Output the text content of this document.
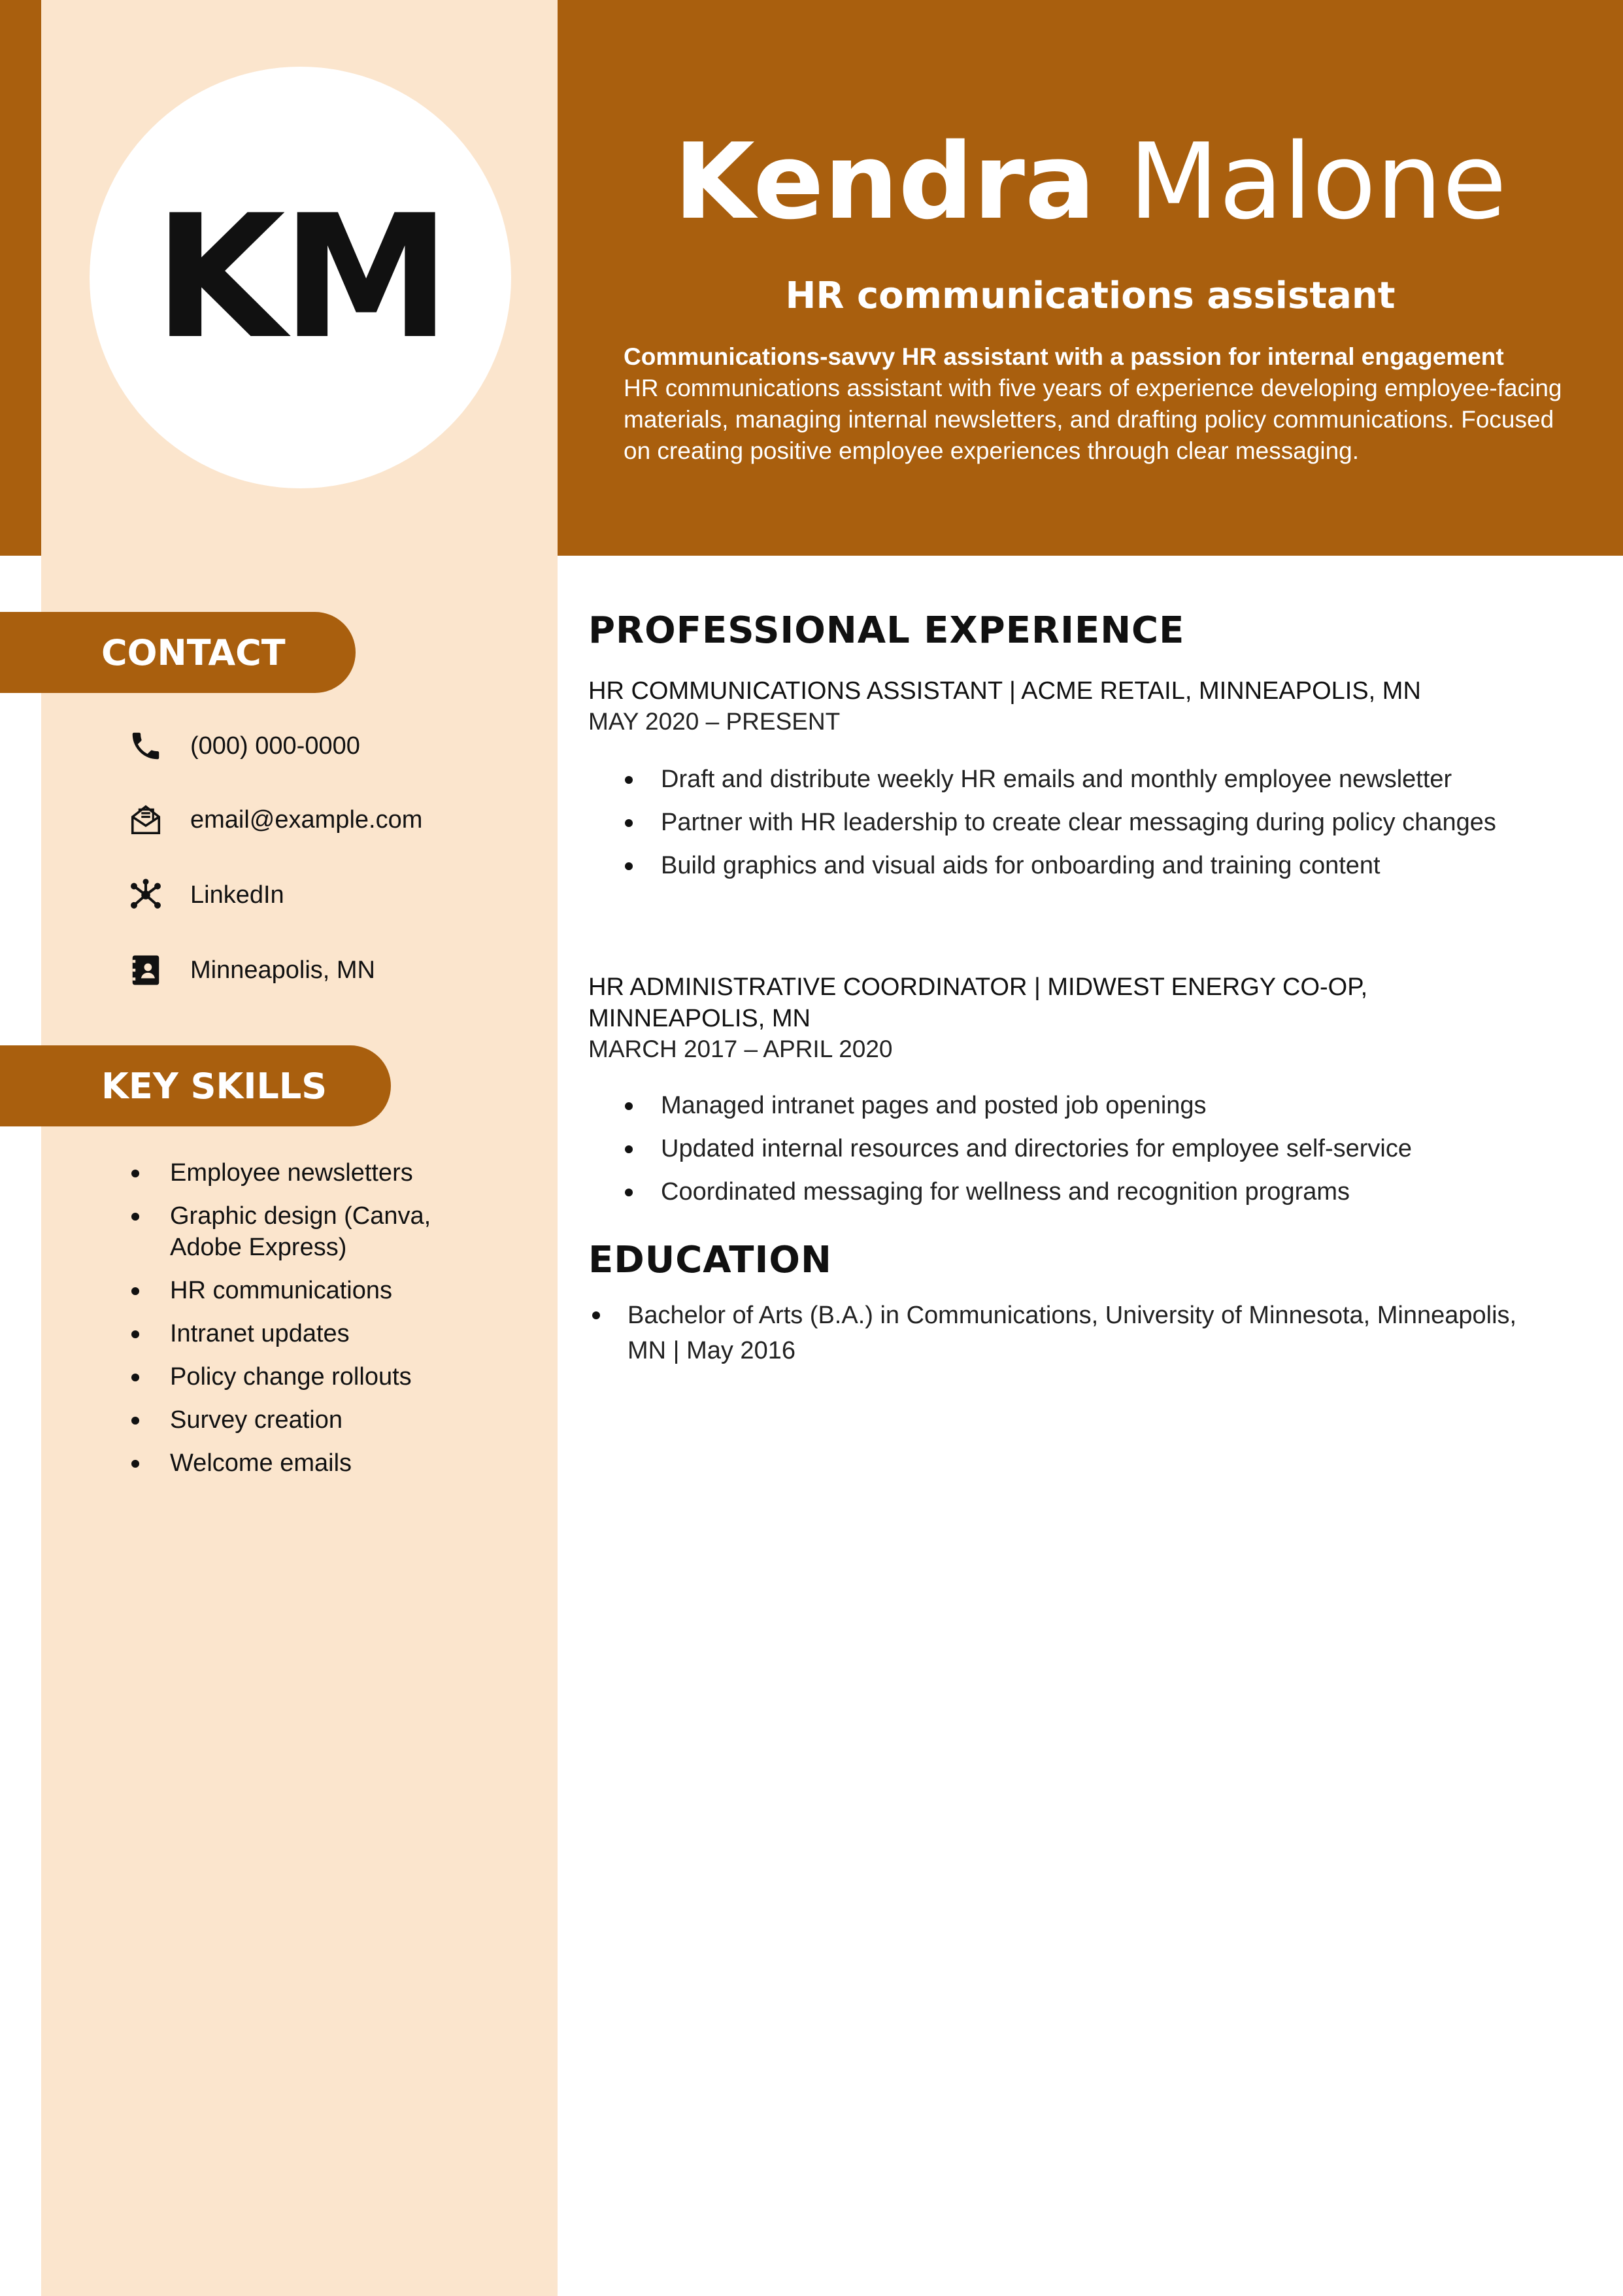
KM	Kendra Malone
HR communications assistant
Communications-savvy HR assistant with a passion for internal engagement
HR communications assistant with five years of experience developing employee-facing materials, managing internal newsletters, and drafting policy communications. Focused on creating positive employee experiences through clear messaging.
CONTACT
(000) 000-0000
email@example.com
LinkedIn
Minneapolis, MN
KEY SKILLS
Employee newsletters
Graphic design (Canva, Adobe Express)
HR communications
Intranet updates
Policy change rollouts
Survey creation
Welcome emails
PROFESSIONAL EXPERIENCE
HR COMMUNICATIONS ASSISTANT | ACME RETAIL, MINNEAPOLIS, MN
MAY 2020 – PRESENT
Draft and distribute weekly HR emails and monthly employee newsletter
Partner with HR leadership to create clear messaging during policy changes
Build graphics and visual aids for onboarding and training content
HR ADMINISTRATIVE COORDINATOR | MIDWEST ENERGY CO-OP, MINNEAPOLIS, MN
MARCH 2017 – APRIL 2020
Managed intranet pages and posted job openings
Updated internal resources and directories for employee self-service
Coordinated messaging for wellness and recognition programs
EDUCATION
Bachelor of Arts (B.A.) in Communications, University of Minnesota, Minneapolis, MN | May 2016
